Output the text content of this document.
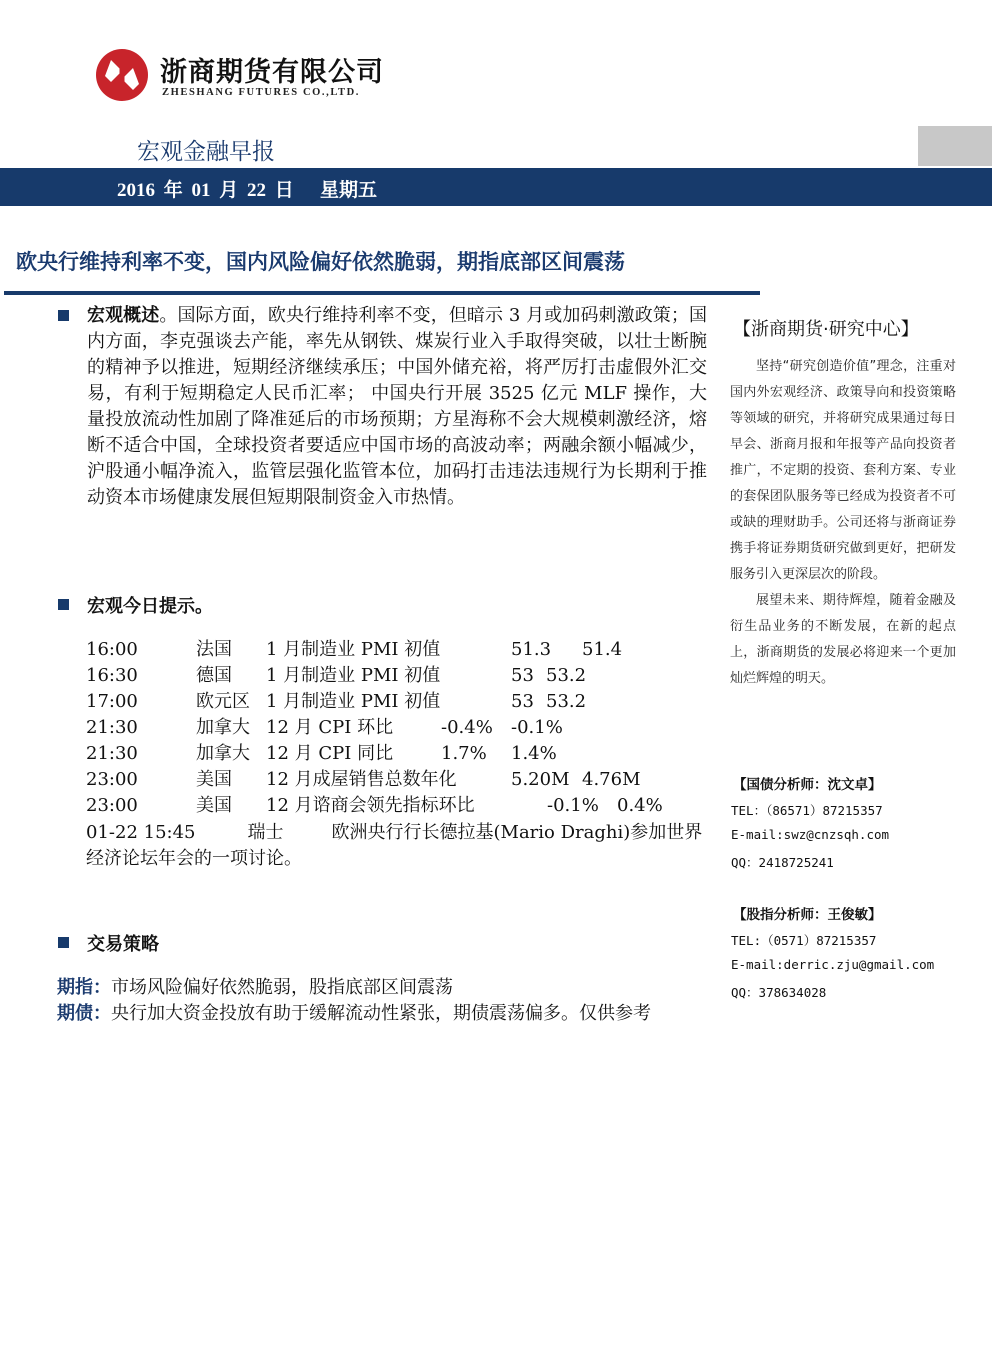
浙商期货有限公司
ZHESHANG FUTURES CO.,LTD.
宏观金融早报
2016 年 01 月 22 日 星期五
欧央行维持利率不变，国内风险偏好依然脆弱，期指底部区间震荡
宏观概述。国际方面，欧央行维持利率不变，但暗示 3 月或加码刺激政策；国内方面，李克强谈去产能，率先从钢铁、煤炭行业入手取得突破，以壮士断腕的精神予以推进，短期经济继续承压；中国外储充裕，将严厉打击虚假外汇交易，有利于短期稳定人民币汇率； 中国央行开展 3525 亿元 MLF 操作，大量投放流动性加剧了降准延后的市场预期；方星海称不会大规模刺激经济，熔断不适合中国，全球投资者要适应中国市场的高波动率；两融余额小幅减少，沪股通小幅净流入，监管层强化监管本位，加码打击违法违规行为长期利于推动资本市场健康发展但短期限制资金入市热情。
宏观今日提示。
16:00	法国 1 月制造业 PMI 初值	51.3 51.4
16:30	德国 1 月制造业 PMI 初值	53 53.2
17:00	欧元区 1 月制造业 PMI 初值	53 53.2
21:30	加拿大 12 月 CPI 环比	-0.4% -0.1%
21:30	加拿大 12 月 CPI 同比	1.7% 1.4%
23:00	美国 12 月成屋销售总数年化	5.20M 4.76M
23:00	美国 12 月谘商会领先指标环比	-0.1% 0.4%
01-22 15:45	瑞士	欧洲央行行长德拉基(Mario Draghi)参加世界经济论坛年会的一项讨论。
交易策略
期指：市场风险偏好依然脆弱，股指底部区间震荡
期债：央行加大资金投放有助于缓解流动性紧张，期债震荡偏多。仅供参考
【浙商期货·研究中心】

坚持“研究创造价值”理念，注重对国内外宏观经济、政策导向和投资策略等领域的研究，并将研究成果通过每日早会、浙商月报和年报等产品向投资者推广，不定期的投资、套利方案、专业的套保团队服务等已经成为投资者不可或缺的理财助手。公司还将与浙商证券携手将证券期货研究做到更好，把研发服务引入更深层次的阶段。

展望未来、期待辉煌，随着金融及衍生品业务的不断发展，在新的起点上，浙商期货的发展必将迎来一个更加灿烂辉煌的明天。

【国债分析师：沈文卓】
TEL：（86571）87215357
E-mail:swz@cnzsqh.com
QQ：2418725241
【股指分析师：王俊敏】
TEL:（0571）87215357
E-mail:derric.zju@gmail.com
QQ：378634028
